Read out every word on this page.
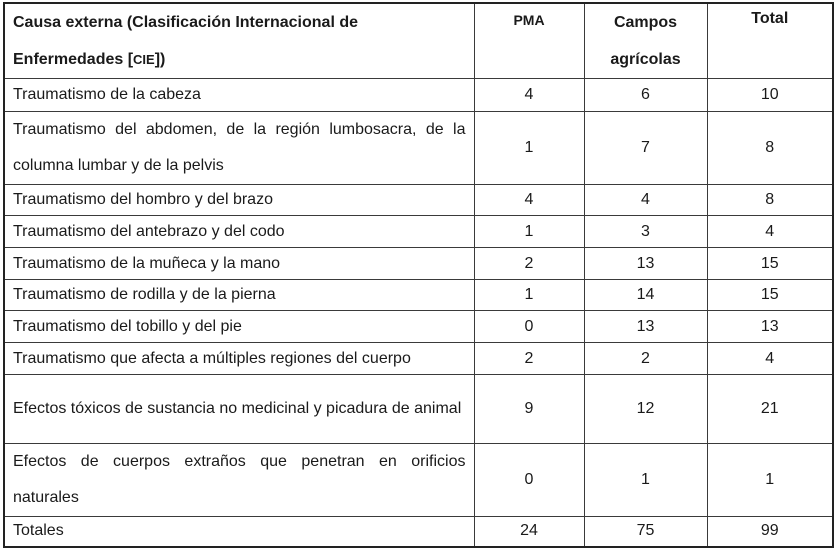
Causa externa (Clasificación Internacional de
Enfermedades [CIE])	PMA	Campos agrícolas	Total
Traumatismo de la cabeza	4	6	10
Traumatismo del abdomen, de la región lumbosacra, de la columna lumbar y de la pelvis	1	7	8
Traumatismo del hombro y del brazo	4	4	8
Traumatismo del antebrazo y del codo	1	3	4
Traumatismo de la muñeca y la mano	2	13	15
Traumatismo de rodilla y de la pierna	1	14	15
Traumatismo del tobillo y del pie	0	13	13
Traumatismo que afecta a múltiples regiones del cuerpo	2	2	4
Efectos tóxicos de sustancia no medicinal y picadura de animal	9	12	21
Efectos de cuerpos extraños que penetran en orificios naturales	0	1	1
Totales	24	75	99
